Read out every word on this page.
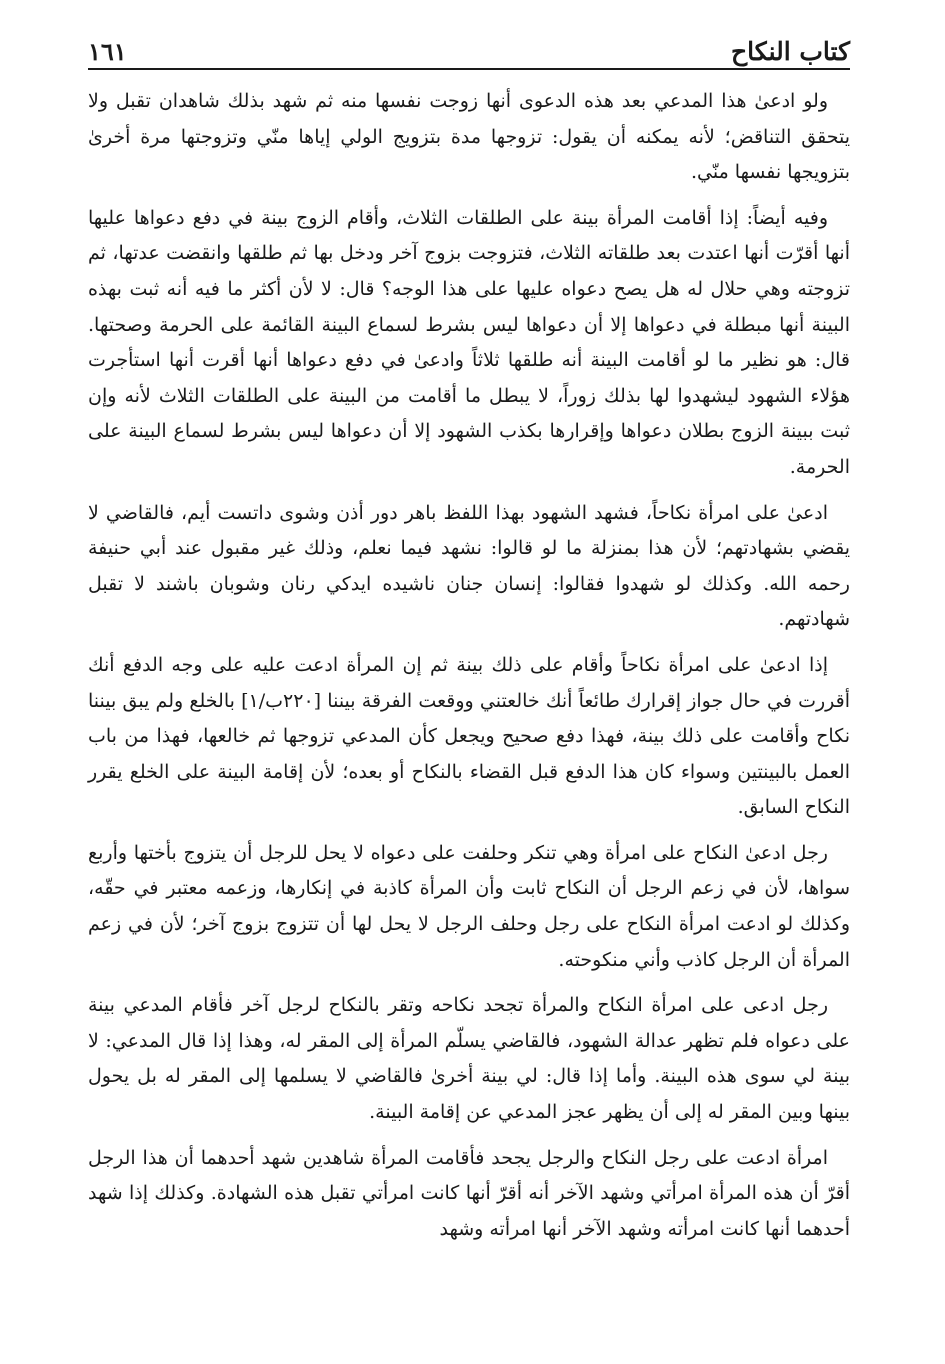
كتاب النكاح
١٦١

ولو ادعىٰ هذا المدعي بعد هذه الدعوى أنها زوجت نفسها منه ثم شهد بذلك شاهدان تقبل ولا يتحقق التناقض؛ لأنه يمكنه أن يقول: تزوجها مدة بتزويج الولي إياها منّي وتزوجتها مرة أخرىٰ بتزويجها نفسها منّي.

وفيه أيضاً: إذا أقامت المرأة بينة على الطلقات الثلاث، وأقام الزوج بينة في دفع دعواها عليها أنها أقرّت أنها اعتدت بعد طلقاته الثلاث، فتزوجت بزوج آخر ودخل بها ثم طلقها وانقضت عدتها، ثم تزوجته وهي حلال له هل يصح دعواه عليها على هذا الوجه؟ قال: لا لأن أكثر ما فيه أنه ثبت بهذه البينة أنها مبطلة في دعواها إلا أن دعواها ليس بشرط لسماع البينة القائمة على الحرمة وصحتها. قال: هو نظير ما لو أقامت البينة أنه طلقها ثلاثاً وادعىٰ في دفع دعواها أنها أقرت أنها استأجرت هؤلاء الشهود ليشهدوا لها بذلك زوراً، لا يبطل ما أقامت من البينة على الطلقات الثلاث لأنه وإن ثبت ببينة الزوج بطلان دعواها وإقرارها بكذب الشهود إلا أن دعواها ليس بشرط لسماع البينة على الحرمة.

ادعىٰ على امرأة نكاحاً، فشهد الشهود بهذا اللفظ باهر دور أذن وشوى داتست أيم، فالقاضي لا يقضي بشهادتهم؛ لأن هذا بمنزلة ما لو قالوا: نشهد فيما نعلم، وذلك غير مقبول عند أبي حنيفة رحمه الله. وكذلك لو شهدوا فقالوا: إنسان جنان ناشيده ايدكي رنان وشوبان باشند لا تقبل شهادتهم.

إذا ادعىٰ على امرأة نكاحاً وأقام على ذلك بينة ثم إن المرأة ادعت عليه على وجه الدفع أنك أقررت في حال جواز إقرارك طائعاً أنك خالعتني ووقعت الفرقة بيننا [٢٢٠ب/١] بالخلع ولم يبق بيننا نكاح وأقامت على ذلك بينة، فهذا دفع صحيح ويجعل كأن المدعي تزوجها ثم خالعها، فهذا من باب العمل بالبينتين وسواء كان هذا الدفع قبل القضاء بالنكاح أو بعده؛ لأن إقامة البينة على الخلع يقرر النكاح السابق.

رجل ادعىٰ النكاح على امرأة وهي تنكر وحلفت على دعواه لا يحل للرجل أن يتزوج بأختها وأربع سواها، لأن في زعم الرجل أن النكاح ثابت وأن المرأة كاذبة في إنكارها، وزعمه معتبر في حقّه، وكذلك لو ادعت امرأة النكاح على رجل وحلف الرجل لا يحل لها أن تتزوج بزوج آخر؛ لأن في زعم المرأة أن الرجل كاذب وأني منكوحته.

رجل ادعى على امرأة النكاح والمرأة تجحد نكاحه وتقر بالنكاح لرجل آخر فأقام المدعي بينة على دعواه فلم تظهر عدالة الشهود، فالقاضي يسلّم المرأة إلى المقر له، وهذا إذا قال المدعي: لا بينة لي سوى هذه البينة. وأما إذا قال: لي بينة أخرىٰ فالقاضي لا يسلمها إلى المقر له بل يحول بينها وبين المقر له إلى أن يظهر عجز المدعي عن إقامة البينة.

امرأة ادعت على رجل النكاح والرجل يجحد فأقامت المرأة شاهدين شهد أحدهما أن هذا الرجل أقرّ أن هذه المرأة امرأتي وشهد الآخر أنه أقرّ أنها كانت امرأتي تقبل هذه الشهادة. وكذلك إذا شهد أحدهما أنها كانت امرأته وشهد الآخر أنها امرأته وشهد
